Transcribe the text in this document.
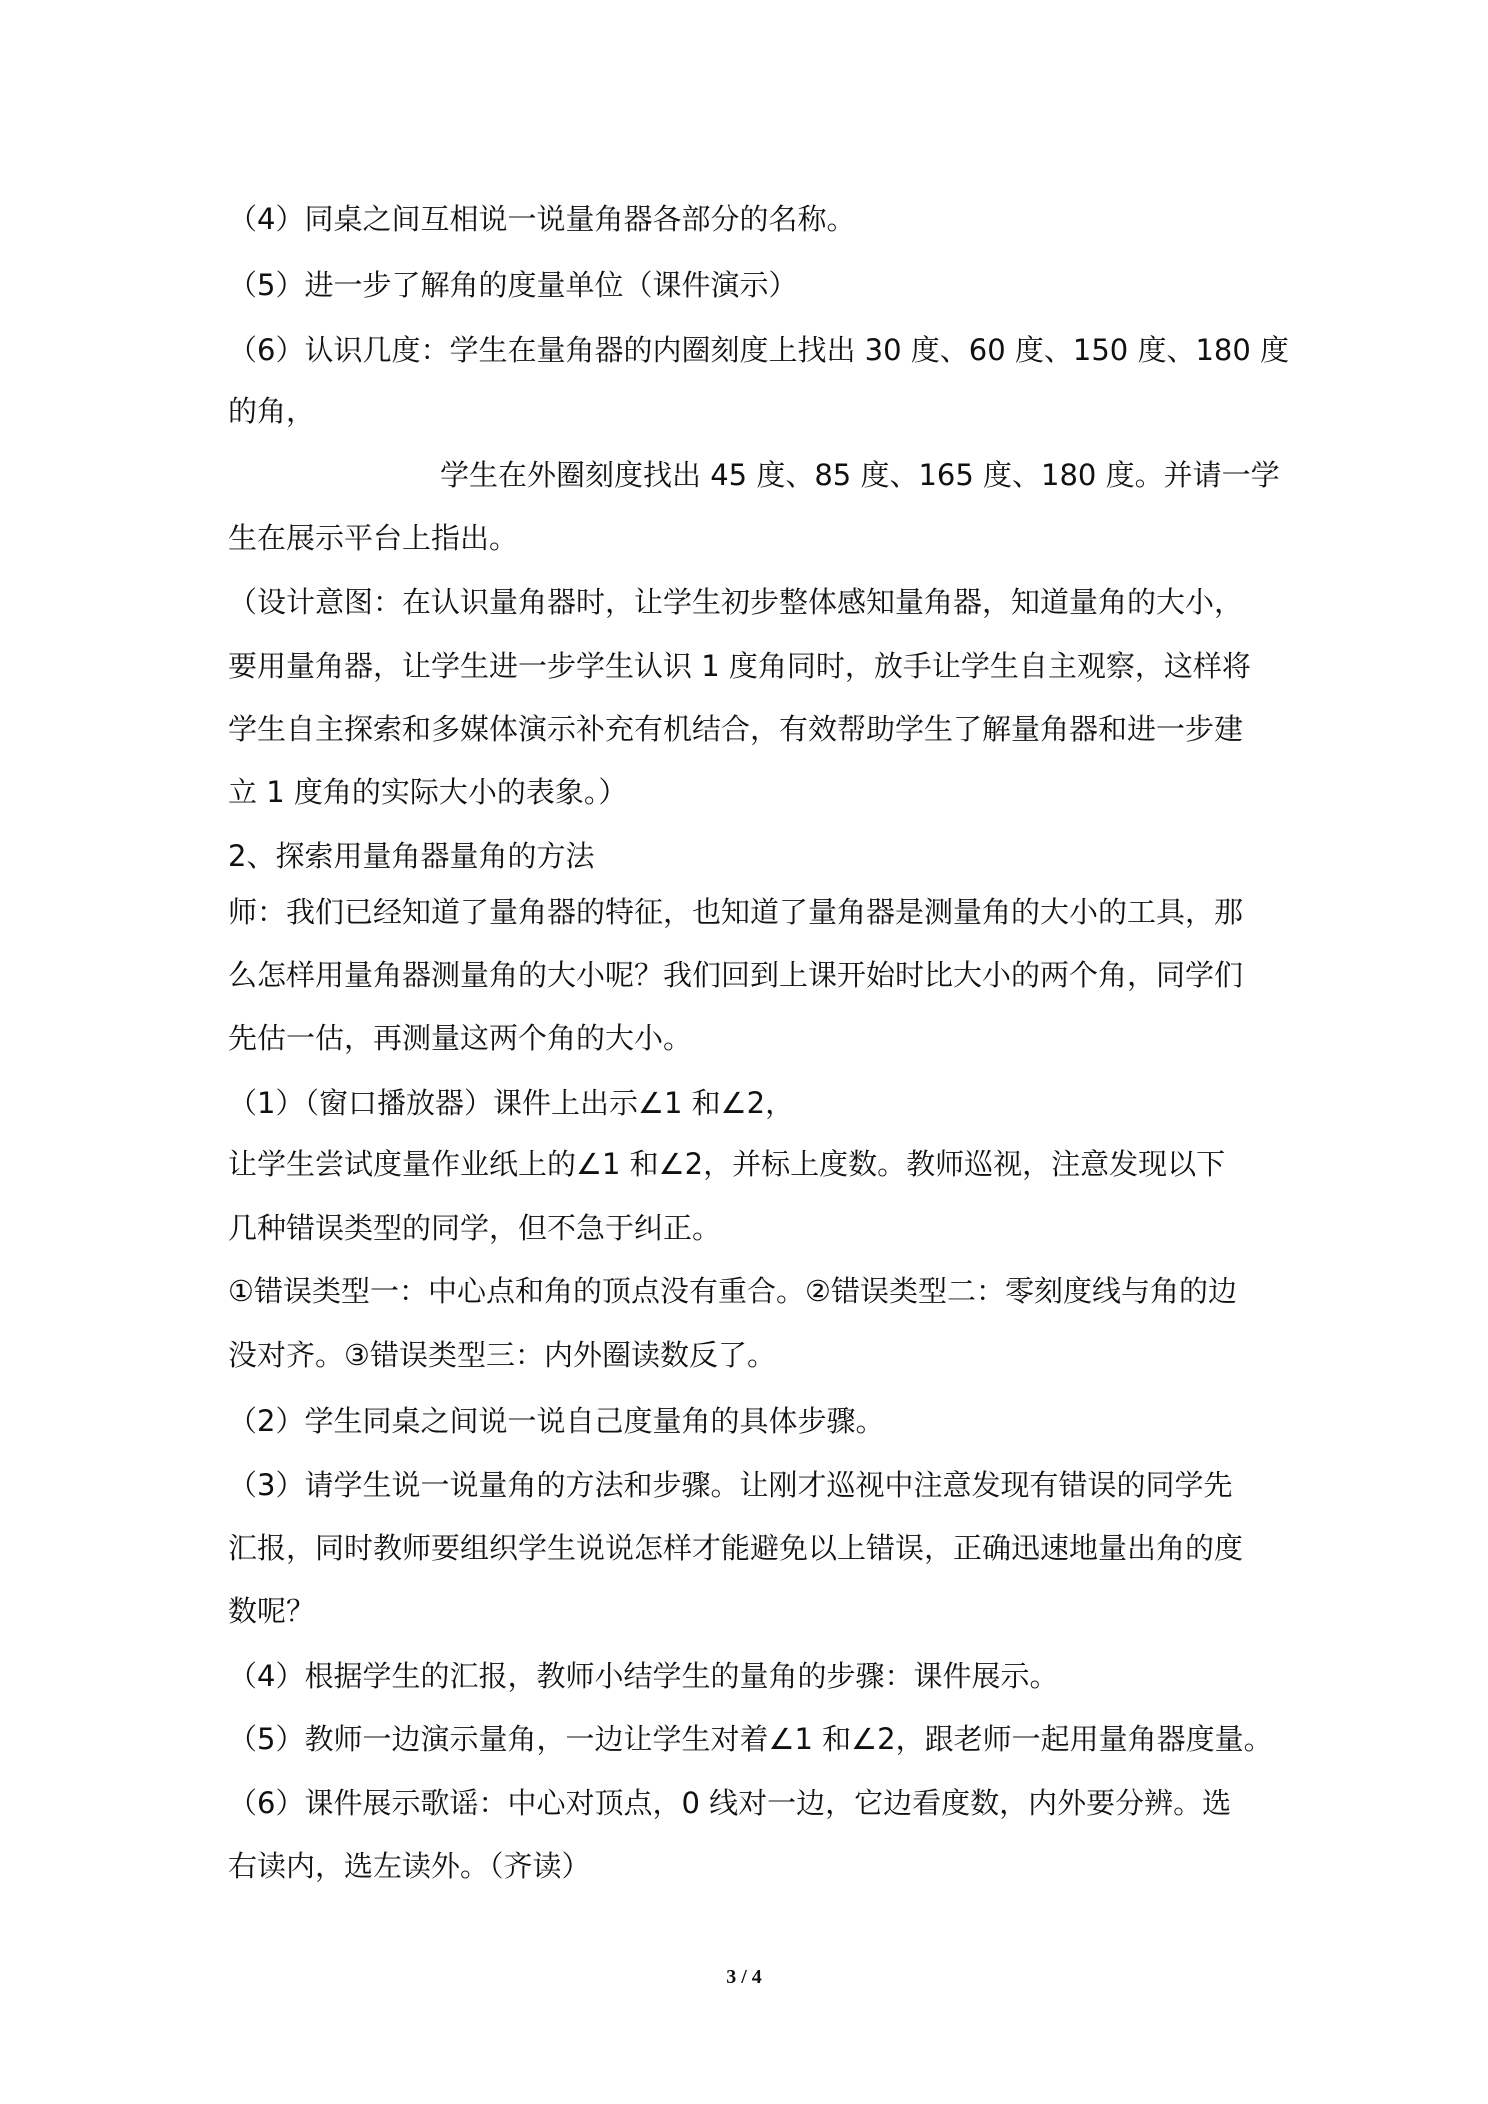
（4）同桌之间互相说一说量角器各部分的名称。
（5）进一步了解角的度量单位（课件演示）
（6）认识几度：学生在量角器的内圈刻度上找出 30 度、60 度、150 度、180 度
的角，
学生在外圈刻度找出 45 度、85 度、165 度、180 度。并请一学
生在展示平台上指出。
（设计意图：在认识量角器时，让学生初步整体感知量角器，知道量角的大小，
要用量角器，让学生进一步学生认识 1 度角同时，放手让学生自主观察，这样将
学生自主探索和多媒体演示补充有机结合，有效帮助学生了解量角器和进一步建
立 1 度角的实际大小的表象。）
2、探索用量角器量角的方法
师：我们已经知道了量角器的特征，也知道了量角器是测量角的大小的工具，那
么怎样用量角器测量角的大小呢？我们回到上课开始时比大小的两个角，同学们
先估一估，再测量这两个角的大小。
（1）（窗口播放器）课件上出示∠1 和∠2，
让学生尝试度量作业纸上的∠1 和∠2，并标上度数。教师巡视，注意发现以下
几种错误类型的同学，但不急于纠正。
①错误类型一：中心点和角的顶点没有重合。②错误类型二：零刻度线与角的边
没对齐。③错误类型三：内外圈读数反了。
（2）学生同桌之间说一说自己度量角的具体步骤。
（3）请学生说一说量角的方法和步骤。让刚才巡视中注意发现有错误的同学先
汇报，同时教师要组织学生说说怎样才能避免以上错误，正确迅速地量出角的度
数呢？
（4）根据学生的汇报，教师小结学生的量角的步骤：课件展示。
（5）教师一边演示量角，一边让学生对着∠1 和∠2，跟老师一起用量角器度量。
（6）课件展示歌谣：中心对顶点，0 线对一边，它边看度数，内外要分辨。选
右读内，选左读外。（齐读）
3 / 4
